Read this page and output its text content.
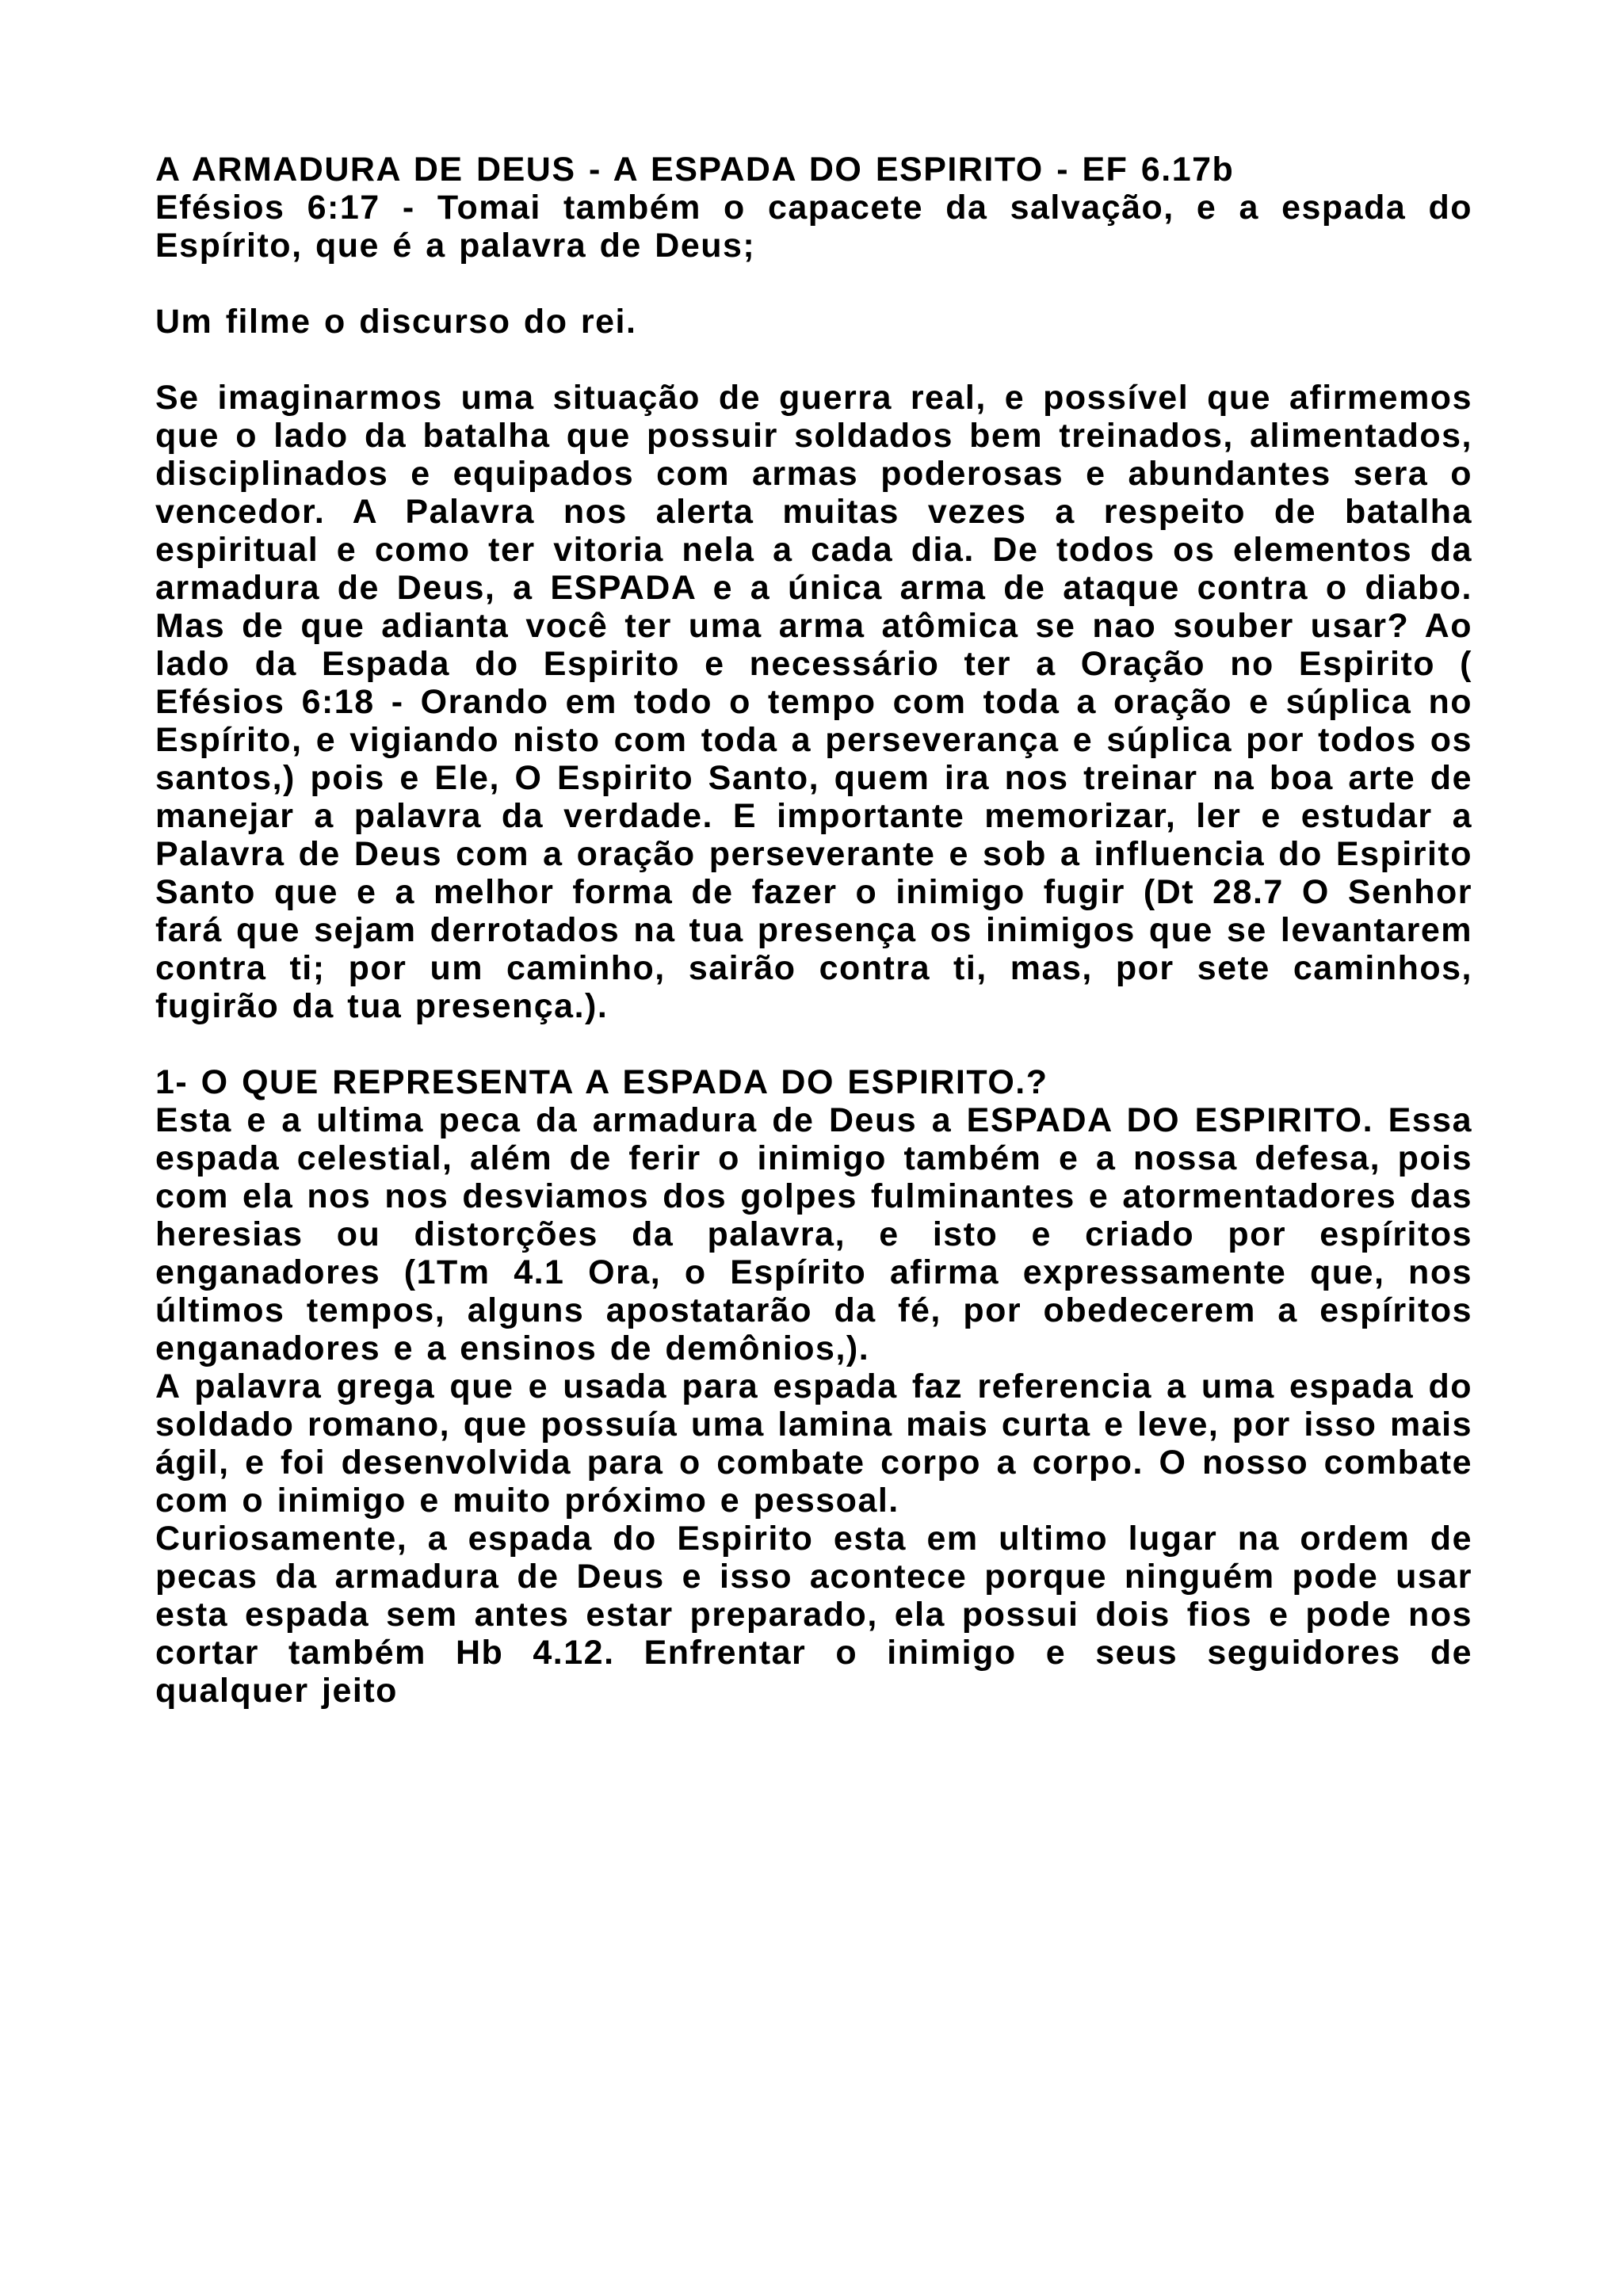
A ARMADURA DE DEUS - A ESPADA DO ESPIRITO - EF 6.17b

Efésios 6:17 - Tomai também o capacete da salvação, e a espada do Espírito, que é a palavra de Deus;

Um filme o discurso do rei.

Se imaginarmos uma situação de guerra real, e possível que afirmemos que o lado da batalha que possuir soldados bem treinados, alimentados, disciplinados e equipados com armas poderosas e abundantes sera o vencedor. A Palavra nos alerta muitas vezes a respeito de batalha espiritual e como ter vitoria nela a cada dia. De todos os elementos da armadura de Deus, a ESPADA e a única arma de ataque contra o diabo. Mas de que adianta você ter uma arma atômica se nao souber usar? Ao lado da Espada do Espirito e necessário ter a Oração no Espirito ( Efésios 6:18 - Orando em todo o tempo com toda a oração e súplica no Espírito, e vigiando nisto com toda a perseverança e súplica por todos os santos,) pois e Ele, O Espirito Santo, quem ira nos treinar na boa arte de manejar a palavra da verdade. E importante memorizar, ler e estudar a Palavra de Deus com a oração perseverante e sob a influencia do Espirito Santo que e a melhor forma de fazer o inimigo fugir (Dt 28.7 O Senhor fará que sejam derrotados na tua presença os inimigos que se levantarem contra ti; por um caminho, sairão contra ti, mas, por sete caminhos, fugirão da tua presença.).

1- O QUE REPRESENTA A ESPADA DO ESPIRITO.?

Esta e a ultima peca da armadura de Deus a ESPADA DO ESPIRITO. Essa espada celestial, além de ferir o inimigo também e a nossa defesa, pois com ela nos nos desviamos dos golpes fulminantes e atormentadores das heresias ou distorções da palavra, e isto e criado por espíritos enganadores (1Tm 4.1 Ora, o Espírito afirma expressamente que, nos últimos tempos, alguns apostatarão da fé, por obedecerem a espíritos enganadores e a ensinos de demônios,).

A palavra grega que e usada para espada faz referencia a uma espada do soldado romano, que possuía uma lamina mais curta e leve, por isso mais ágil, e foi desenvolvida para o combate corpo a corpo. O nosso combate com o inimigo e muito próximo e pessoal.

Curiosamente, a espada do Espirito esta em ultimo lugar na ordem de pecas da armadura de Deus e isso acontece porque ninguém pode usar esta espada sem antes estar preparado, ela possui dois fios e pode nos cortar também Hb 4.12. Enfrentar o inimigo e seus seguidores de qualquer jeito
